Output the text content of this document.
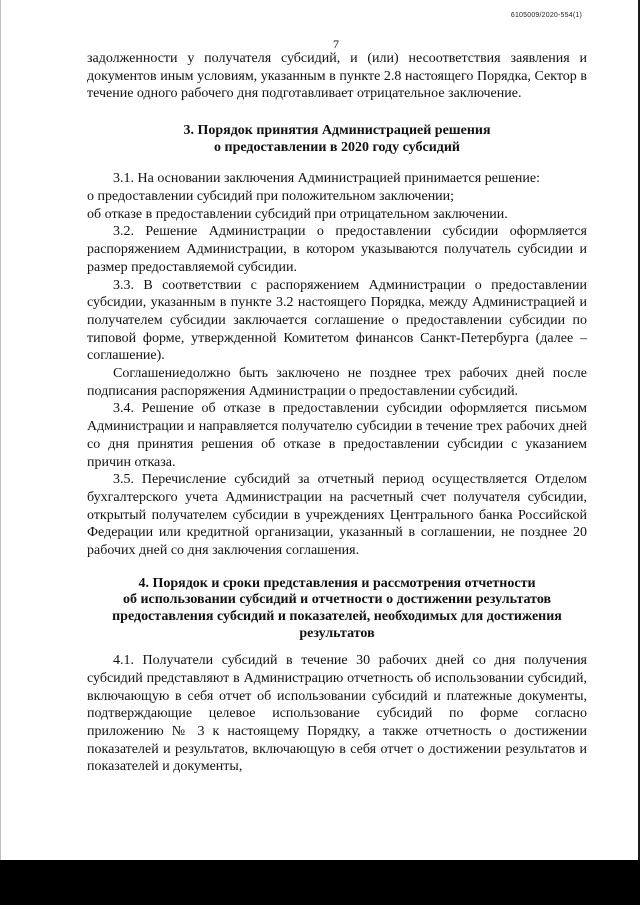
6105009/2020-554(1)
7

задолженности у получателя субсидий, и (или) несоответствия заявления и документов иным условиям, указанным в пункте 2.8 настоящего Порядка, Сектор в течение одного рабочего дня подготавливает отрицательное заключение.

3. Порядок принятия Администрацией решения
о предоставлении в 2020 году субсидий

3.1. На основании заключения Администрацией принимается решение:

о предоставлении субсидий при положительном заключении;

об отказе в предоставлении субсидий при отрицательном заключении.

3.2. Решение Администрации о предоставлении субсидии оформляется распоряжением Администрации, в котором указываются получатель субсидии и размер предоставляемой субсидии.

3.3. В соответствии с распоряжением Администрации о предоставлении субсидии, указанным в пункте 3.2 настоящего Порядка, между Администрацией и получателем субсидии заключается соглашение о предоставлении субсидии по типовой форме, утвержденной Комитетом финансов Санкт-Петербурга (далее – соглашение).

Соглашениедолжно быть заключено не позднее трех рабочих дней после подписания распоряжения Администрации о предоставлении субсидий.

3.4. Решение об отказе в предоставлении субсидии оформляется письмом Администрации и направляется получателю субсидии в течение трех рабочих дней со дня принятия решения об отказе в предоставлении субсидии с указанием причин отказа.

3.5. Перечисление субсидий за отчетный период осуществляется Отделом бухгалтерского учета Администрации на расчетный счет получателя субсидии, открытый получателем субсидии в учреждениях Центрального банка Российской Федерации или кредитной организации, указанный в соглашении, не позднее 20 рабочих дней со дня заключения соглашения.

4. Порядок и сроки представления и рассмотрения отчетности
об использовании субсидий и отчетности о достижении результатов
предоставления субсидий и показателей, необходимых для достижения
результатов

4.1. Получатели субсидий в течение 30 рабочих дней со дня получения субсидий представляют в Администрацию отчетность об использовании субсидий, включающую в себя отчет об использовании субсидий и платежные документы, подтверждающие целевое использование субсидий по форме согласно приложению № 3 к настоящему Порядку, а также отчетность о достижении показателей и результатов, включающую в себя отчет о достижении результатов и показателей и документы,
